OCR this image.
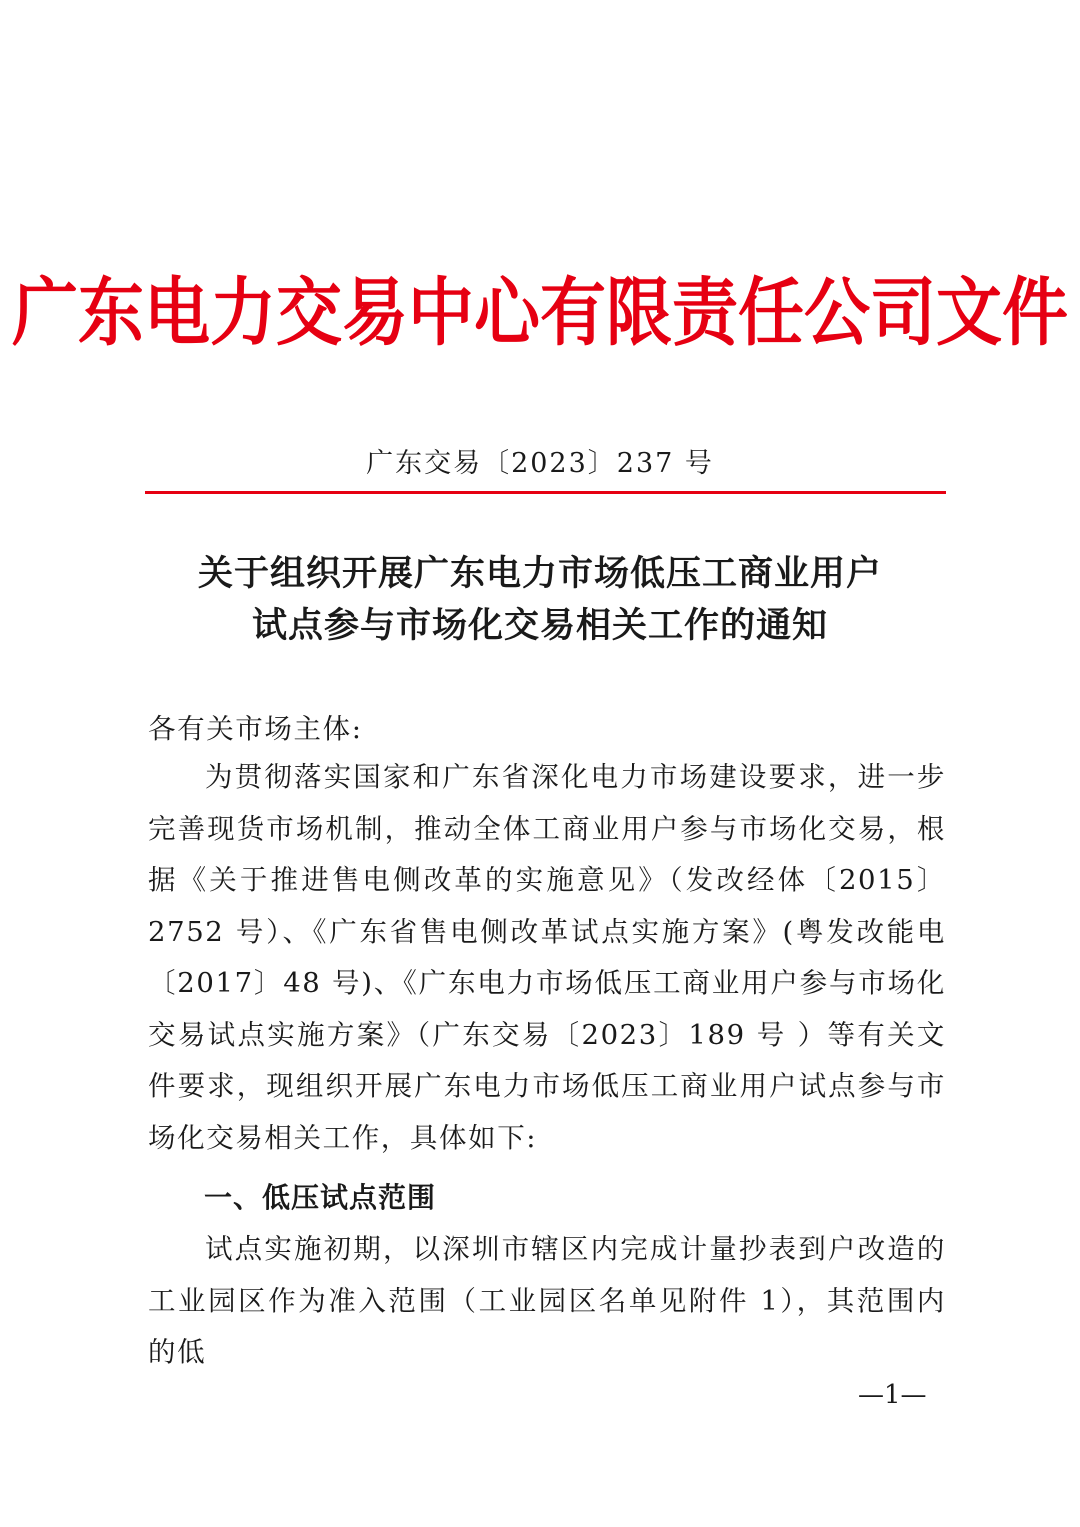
广东电力交易中心有限责任公司文件
广东交易〔2023〕237 号
关于组织开展广东电力市场低压工商业用户
试点参与市场化交易相关工作的通知

各有关市场主体:

为贯彻落实国家和广东省深化电力市场建设要求，进一步完善现货市场机制，推动全体工商业用户参与市场化交易，根据《关于推进售电侧改革的实施意见》（发改经体〔2015〕2752 号）、《广东省售电侧改革试点实施方案》(粤发改能电〔2017〕48 号)、《广东电力市场低压工商业用户参与市场化交易试点实施方案》（广东交易〔2023〕189 号 ）等有关文件要求，现组织开展广东电力市场低压工商业用户试点参与市场化交易相关工作，具体如下:

一、低压试点范围

试点实施初期，以深圳市辖区内完成计量抄表到户改造的工业园区作为准入范围（工业园区名单见附件 1），其范围内的低

—1—
